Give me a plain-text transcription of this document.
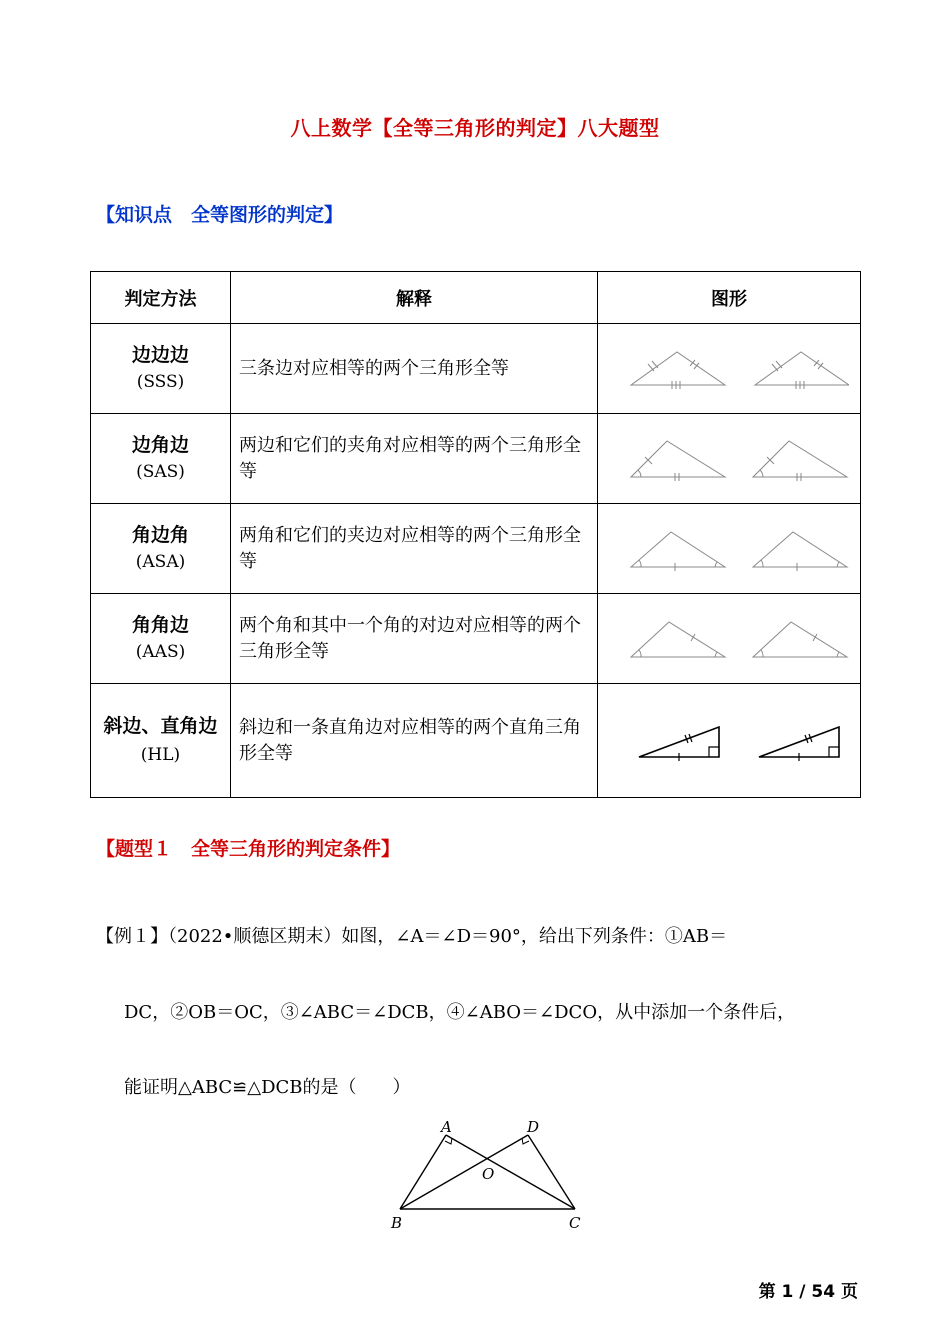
八上数学【全等三角形的判定】八大题型
【知识点　全等图形的判定】
判定方法	解释	图形

边边边
(SSS)	三条边对应相等的两个三角形全等	

边角边
(SAS)	两边和它们的夹角对应相等的两个三角形全等	

角边角
(ASA)	两角和它们的夹边对应相等的两个三角形全等	

角角边
(AAS)	两个角和其中一个角的对边对应相等的两个三角形全等	

斜边、直角边
(HL)	斜边和一条直角边对应相等的两个直角三角形全等	
【题型１　全等三角形的判定条件】
【例１】（2022•顺德区期末）如图，∠A＝∠D＝90°，给出下列条件：①AB＝
DC，②OB＝OC，③∠ABC＝∠DCB，④∠ABO＝∠DCO，从中添加一个条件后，
能证明△ABC≌△DCB的是（　　）
A	D
O
B	C
第 1 / 54 页
